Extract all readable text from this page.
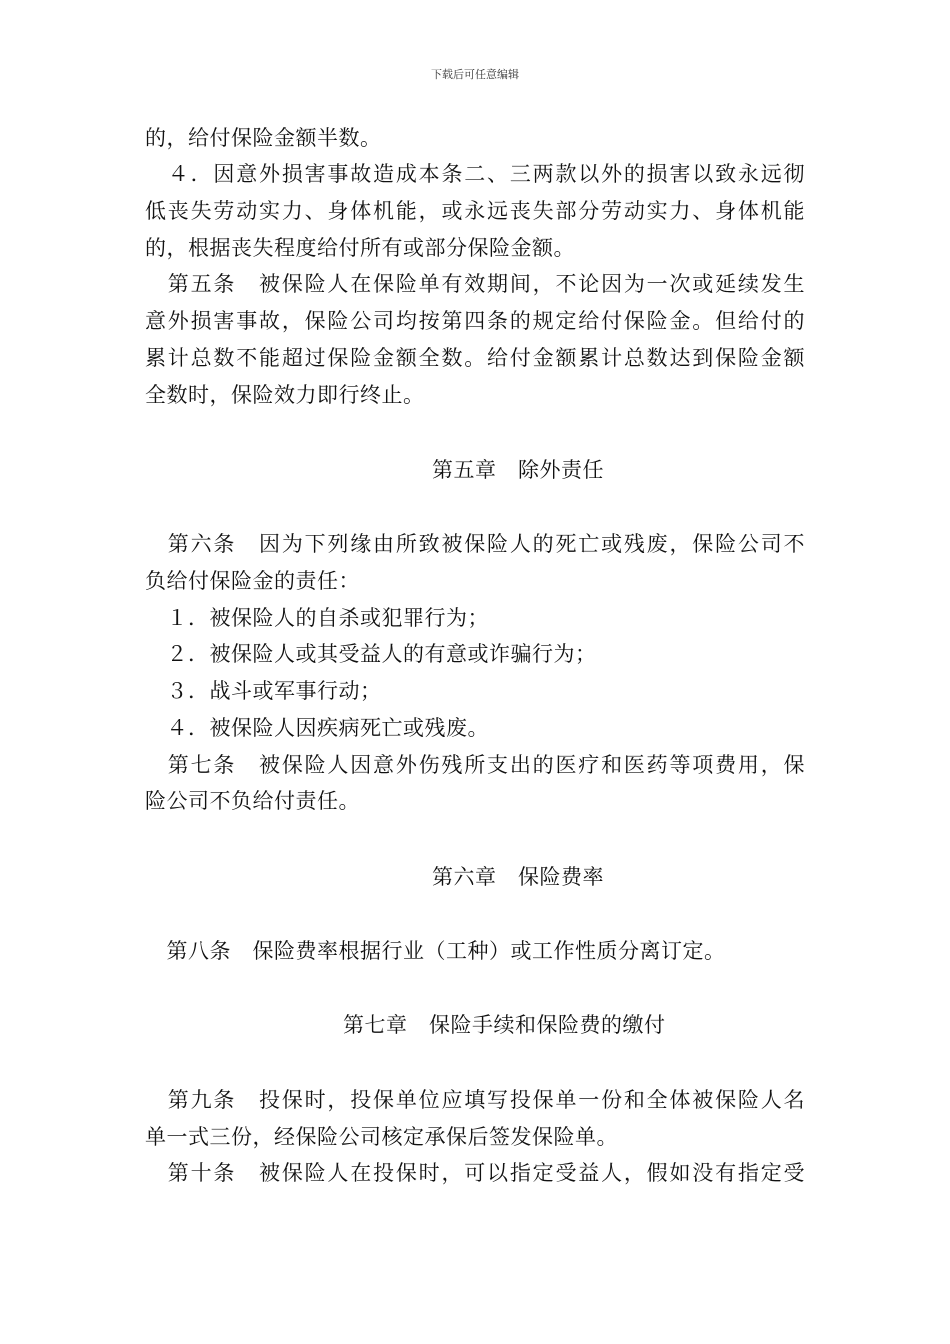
下载后可任意编辑
的，给付保险金额半数。
　４．因意外损害事故造成本条二、三两款以外的损害以致永远彻
低丧失劳动实力、身体机能，或永远丧失部分劳动实力、身体机能
的，根据丧失程度给付所有或部分保险金额。
　第五条　被保险人在保险单有效期间，不论因为一次或延续发生
意外损害事故，保险公司均按第四条的规定给付保险金。但给付的
累计总数不能超过保险金额全数。给付金额累计总数达到保险金额
全数时，保险效力即行终止。
第五章　除外责任
　第六条　因为下列缘由所致被保险人的死亡或残废，保险公司不
负给付保险金的责任：
　１．被保险人的自杀或犯罪行为；
　２．被保险人或其受益人的有意或诈骗行为；
　３．战斗或军事行动；
　４．被保险人因疾病死亡或残废。
　第七条　被保险人因意外伤残所支出的医疗和医药等项费用，保
险公司不负给付责任。
第六章　保险费率
　第八条　保险费率根据行业（工种）或工作性质分离订定。
第七章　保险手续和保险费的缴付
　第九条　投保时，投保单位应填写投保单一份和全体被保险人名
单一式三份，经保险公司核定承保后签发保险单。
　第十条　被保险人在投保时，可以指定受益人，假如没有指定受
